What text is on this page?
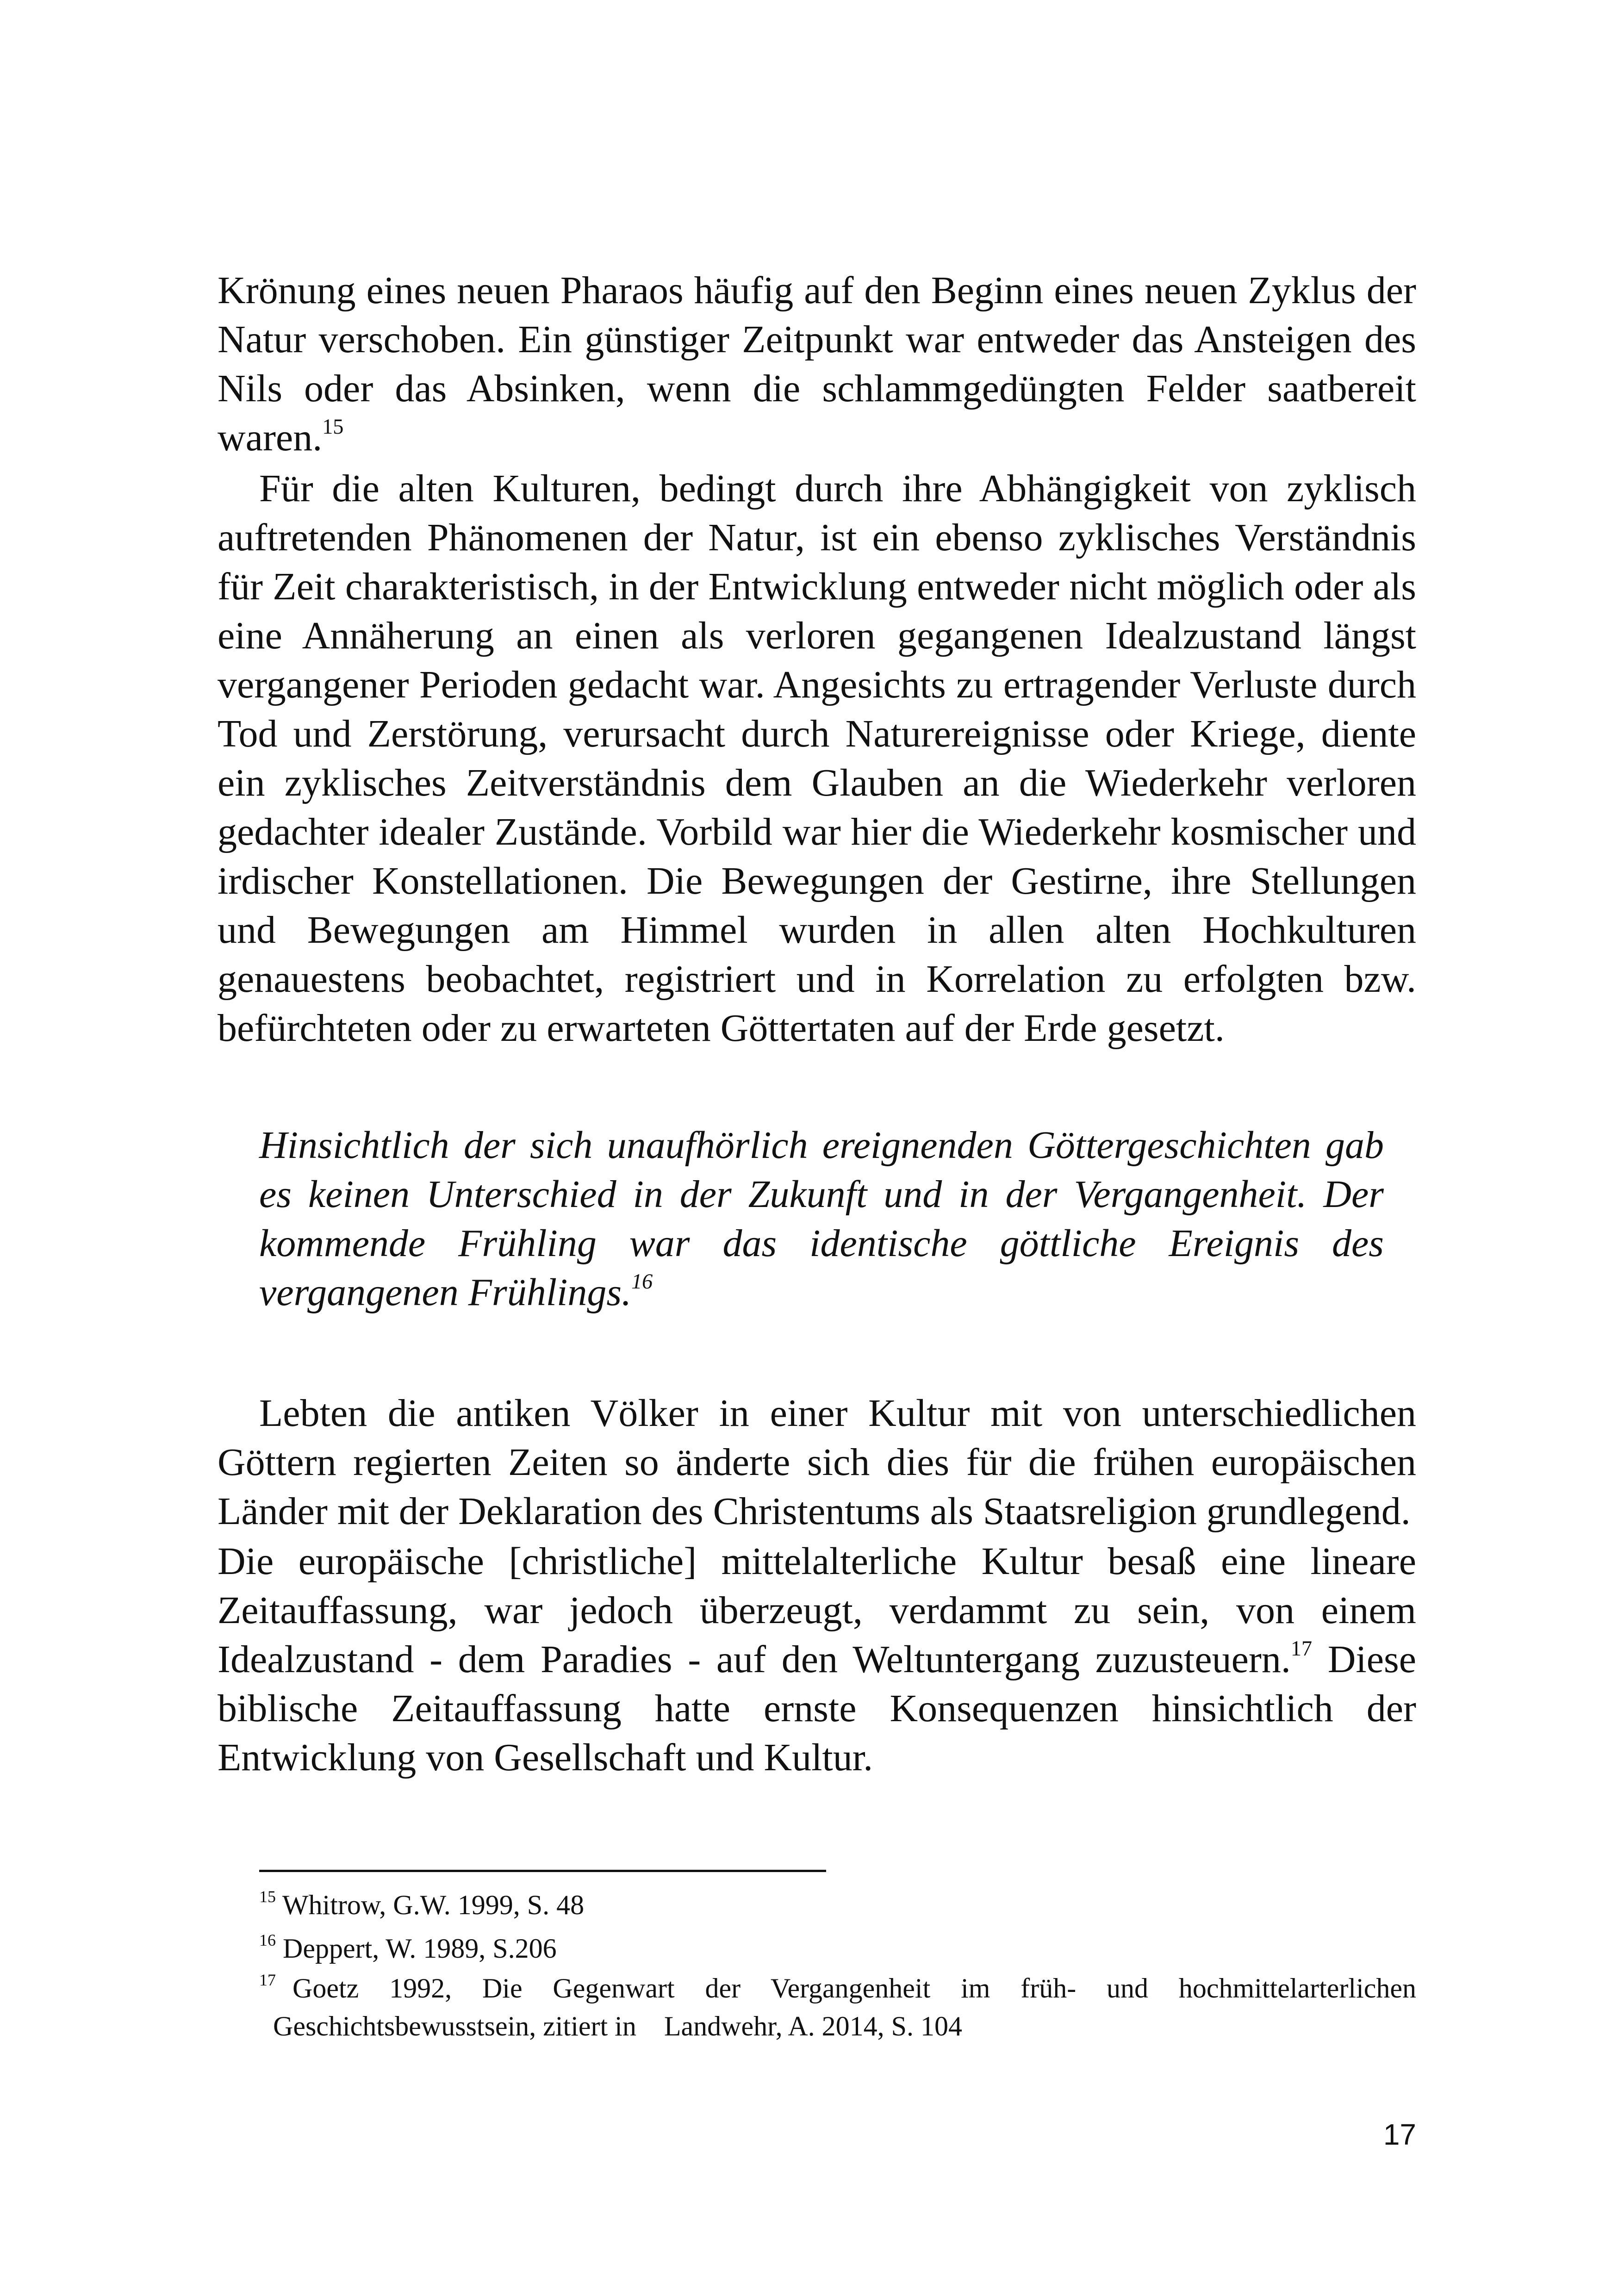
Krönung eines neuen Pharaos häufig auf den Beginn eines neuen Zyklus der Natur verschoben. Ein günstiger Zeitpunkt war entweder das Ansteigen des Nils oder das Absinken, wenn die schlammgedüngten Felder saatbereit waren.$^{15}$

Für die alten Kulturen, bedingt durch ihre Abhängigkeit von zyklisch auftretenden Phänomenen der Natur, ist ein ebenso zyklisches Verständnis für Zeit charakteristisch, in der Entwicklung entweder nicht möglich oder als eine Annäherung an einen als verloren gegangenen Idealzustand längst vergangener Perioden gedacht war. Angesichts zu ertragender Verluste durch Tod und Zerstörung, verursacht durch Naturereignisse oder Kriege, diente ein zyklisches Zeitverständnis dem Glauben an die Wiederkehr verloren gedachter idealer Zustände. Vorbild war hier die Wiederkehr kosmischer und irdischer Konstellationen. Die Bewegungen der Gestirne, ihre Stellungen und Bewegungen am Himmel wurden in allen alten Hochkulturen genauestens beobachtet, registriert und in Korrelation zu erfolgten bzw. befürchteten oder zu erwarteten Göttertaten auf der Erde gesetzt.

Hinsichtlich der sich unaufhörlich ereignenden Göttergeschichten gab es keinen Unterschied in der Zukunft und in der Vergangenheit. Der kommende Frühling war das identische göttliche Ereignis des vergangenen Frühlings.$^{16}$

Lebten die antiken Völker in einer Kultur mit von unterschiedlichen Göttern regierten Zeiten so änderte sich dies für die frühen europäischen Länder mit der Deklaration des Christentums als Staatsreligion grundlegend.

Die europäische [christliche] mittelalterliche Kultur besaß eine lineare Zeitauffassung, war jedoch überzeugt, verdammt zu sein, von einem Idealzustand - dem Paradies - auf den Weltuntergang zuzusteuern.$^{17}$ Diese biblische Zeitauffassung hatte ernste Konsequenzen hinsichtlich der Entwicklung von Gesellschaft und Kultur.

$^{15}$ Whitrow, G.W. 1999, S. 48

$^{16}$ Deppert, W. 1989, S.206

$^{17}$ Goetz 1992, Die Gegenwart der Vergangenheit im früh- und hochmittelarterlichen

Geschichtsbewusstsein, zitiert in Landwehr, A. 2014, S. 104

17
